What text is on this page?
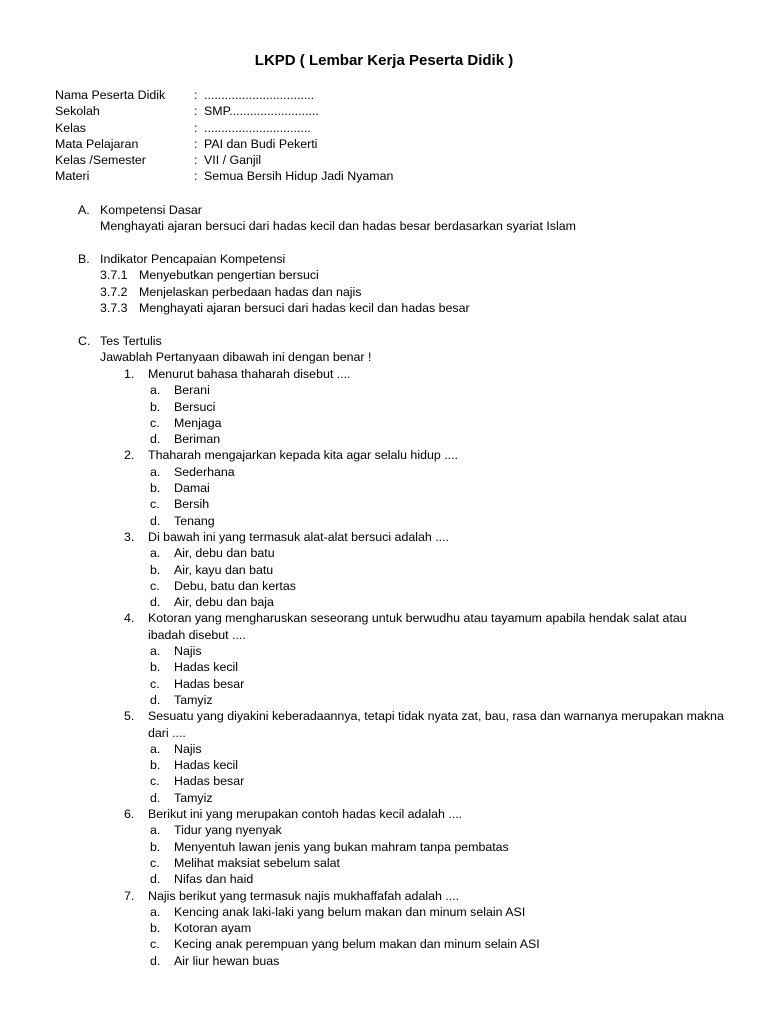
LKPD ( Lembar Kerja Peserta Didik )
Nama Peserta Didik : ................................
Sekolah	: SMP..........................
Kelas	: ...............................
Mata Pelajaran	: PAI dan Budi Pekerti
Kelas /Semester	: VII / Ganjil
Materi	: Semua Bersih Hidup Jadi Nyaman
A. Kompetensi Dasar
Menghayati ajaran bersuci dari hadas kecil dan hadas besar berdasarkan syariat Islam
B. Indikator Pencapaian Kompetensi
3.7.1 Menyebutkan pengertian bersuci
3.7.2 Menjelaskan perbedaan hadas dan najis
3.7.3 Menghayati ajaran bersuci dari hadas kecil dan hadas besar
C. Tes Tertulis
Jawablah Pertanyaan dibawah ini dengan benar !
1.	Menurut bahasa thaharah disebut ....
a.	Berani
b.	Bersuci
c.	Menjaga
d.	Beriman
2.	Thaharah mengajarkan kepada kita agar selalu hidup ....
a.	Sederhana
b.	Damai
c.	Bersih
d.	Tenang
3.	Di bawah ini yang termasuk alat-alat bersuci adalah ....
a.	Air, debu dan batu
b.	Air, kayu dan batu
c.	Debu, batu dan kertas
d.	Air, debu dan baja
4.	Kotoran yang mengharuskan seseorang untuk berwudhu atau tayamum apabila hendak salat atau ibadah disebut ....
a.	Najis
b.	Hadas kecil
c.	Hadas besar
d.	Tamyiz
5.	Sesuatu yang diyakini keberadaannya, tetapi tidak nyata zat, bau, rasa dan warnanya merupakan makna dari ....
a.	Najis
b.	Hadas kecil
c.	Hadas besar
d.	Tamyiz
6.	Berikut ini yang merupakan contoh hadas kecil adalah ....
a.	Tidur yang nyenyak
b.	Menyentuh lawan jenis yang bukan mahram tanpa pembatas
c.	Melihat maksiat sebelum salat
d.	Nifas dan haid
7.	Najis berikut yang termasuk najis mukhaffafah adalah ....
a.	Kencing anak laki-laki yang belum makan dan minum selain ASI
b.	Kotoran ayam
c.	Kecing anak perempuan yang belum makan dan minum selain ASI
d.	Air liur hewan buas
